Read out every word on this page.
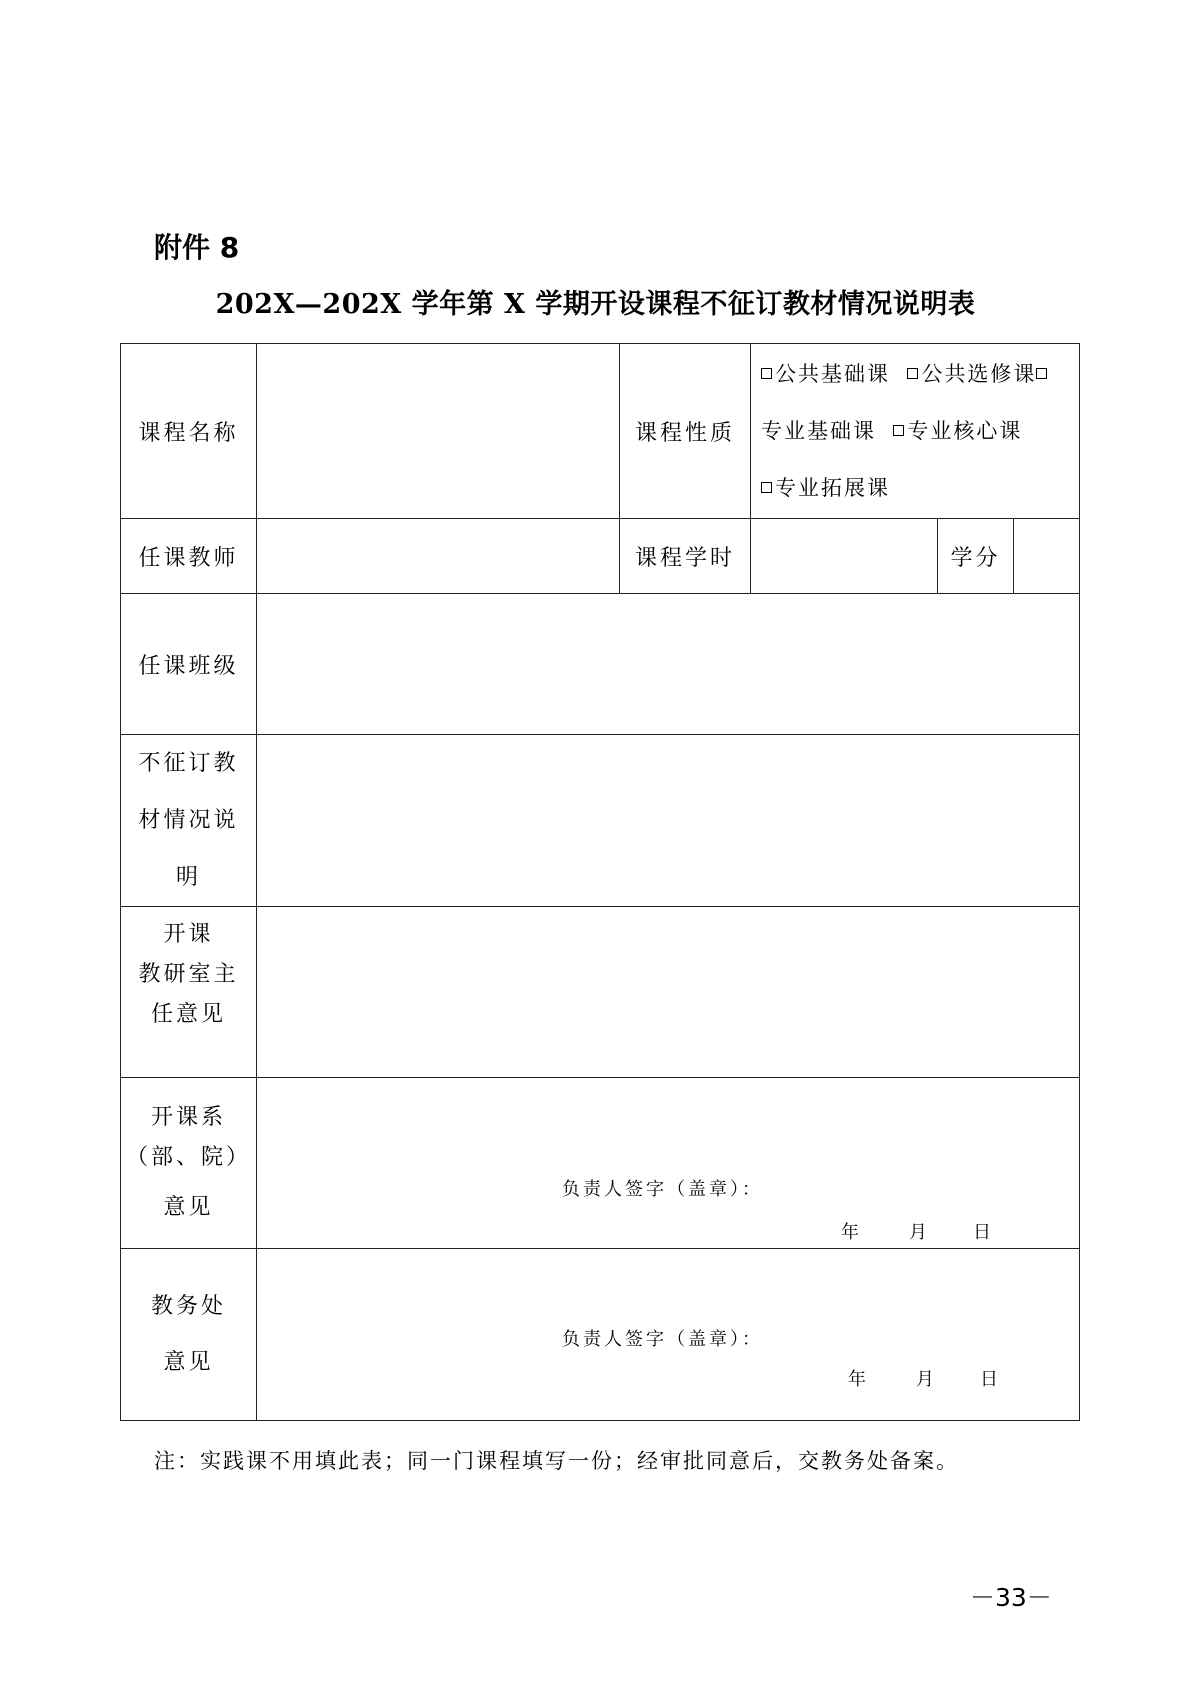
附件 8
202X—202X 学年第 X 学期开设课程不征订教材情况说明表
课程名称		课程性质	公共基础课 公共选修课
专业基础课 专业核心课
专业拓展课		
任课教师		课程学时		学分	
任课班级					
不征订教
材情况说
明					
开课
教研室主
任意见					
开课系
（部、院）
意见	负责人签字（盖章）：
年 月 日				

教务处
意见	负责人签字（盖章）：
年 月 日				
注：实践课不用填此表；同一门课程填写一份；经审批同意后，交教务处备案。
－33－
